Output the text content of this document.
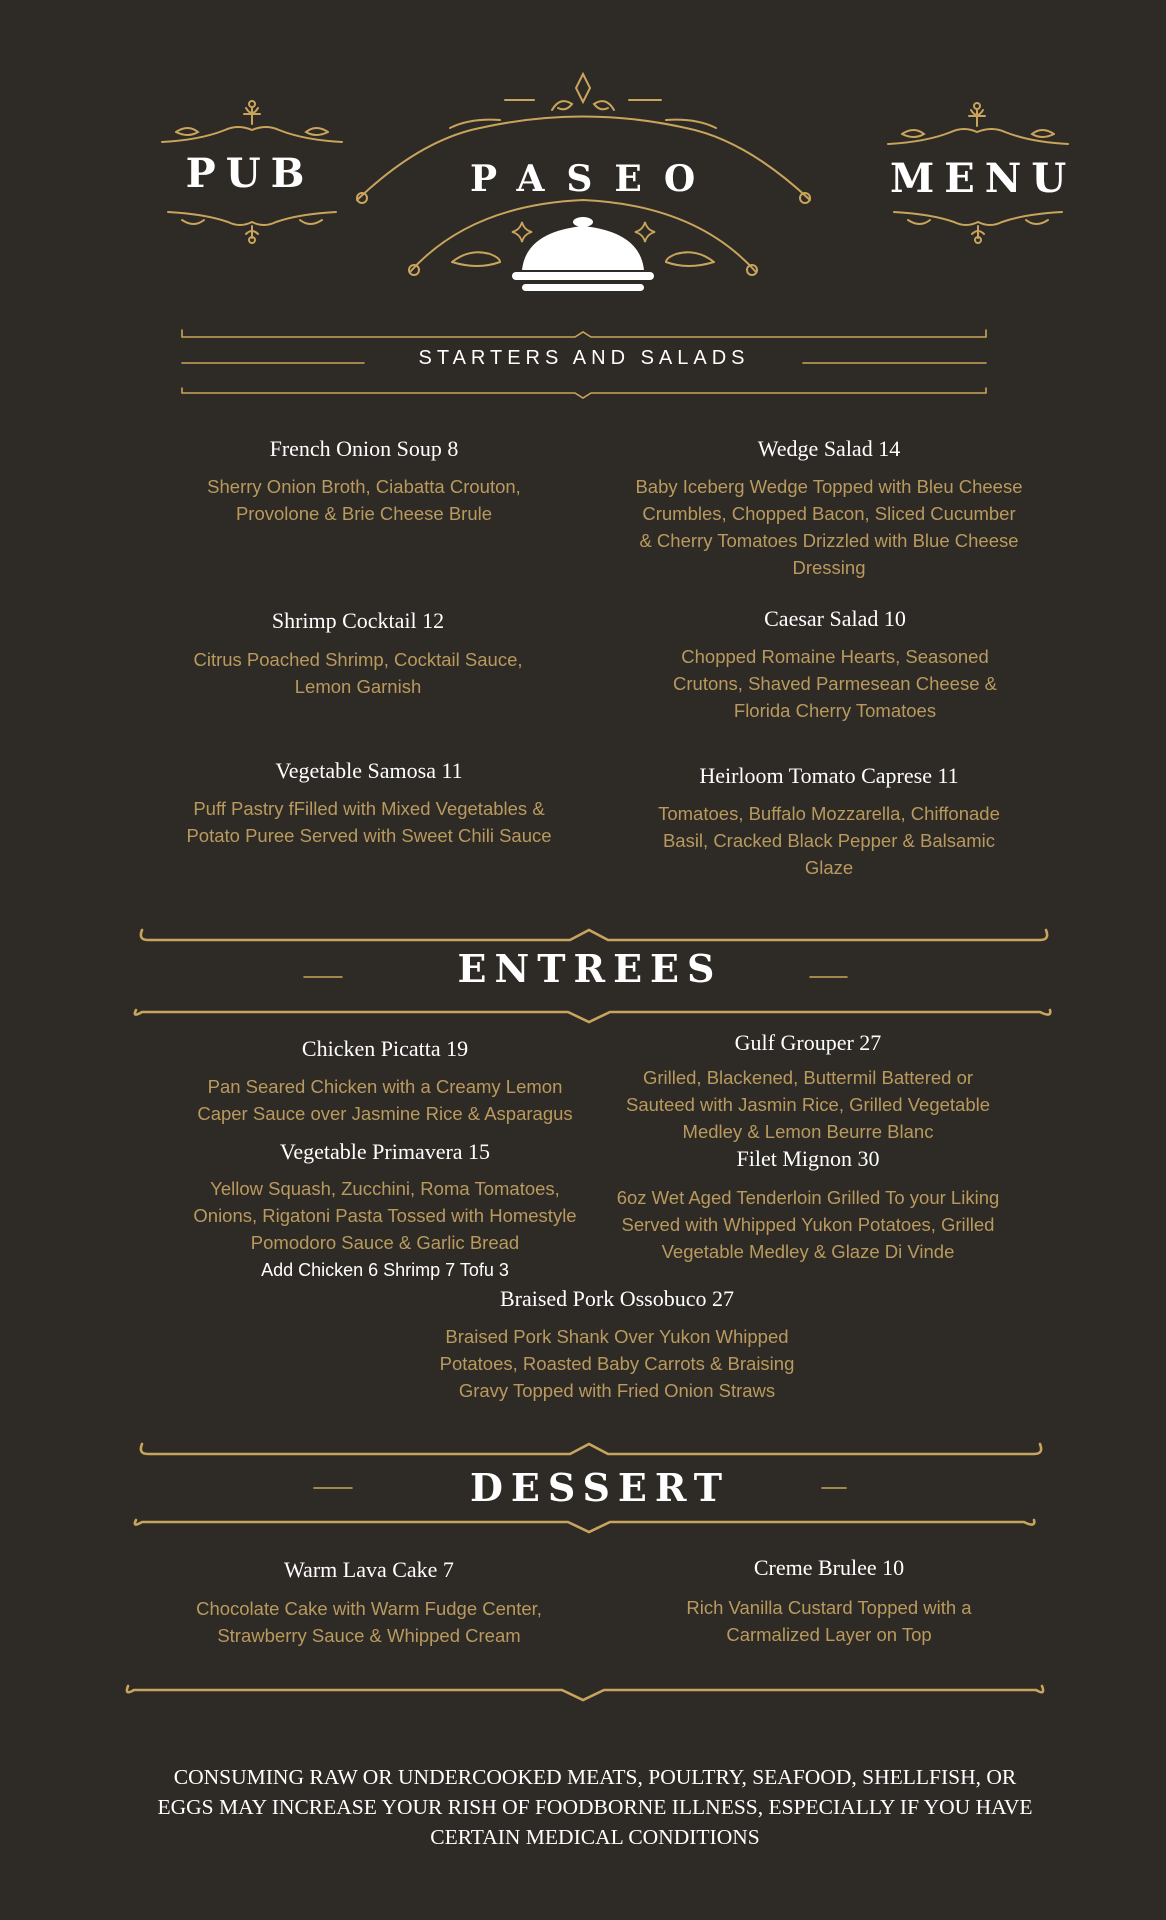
PUB	PASEO	MENU
STARTERS AND SALADS
ENTREES
DESSERT
French Onion Soup 8
Sherry Onion Broth, Ciabatta Crouton, Provolone & Brie Cheese Brule
Wedge Salad 14
Baby Iceberg Wedge Topped with Bleu Cheese Crumbles, Chopped Bacon, Sliced Cucumber & Cherry Tomatoes Drizzled with Blue Cheese Dressing
Shrimp Cocktail 12
Citrus Poached Shrimp, Cocktail Sauce, Lemon Garnish
Caesar Salad 10
Chopped Romaine Hearts, Seasoned Crutons, Shaved Parmesean Cheese & Florida Cherry Tomatoes
Vegetable Samosa 11
Puff Pastry fFilled with Mixed Vegetables & Potato Puree Served with Sweet Chili Sauce
Heirloom Tomato Caprese 11
Tomatoes, Buffalo Mozzarella, Chiffonade Basil, Cracked Black Pepper & Balsamic Glaze
Chicken Picatta 19
Pan Seared Chicken with a Creamy Lemon Caper Sauce over Jasmine Rice & Asparagus
Gulf Grouper 27
Grilled, Blackened, Buttermil Battered or Sauteed with Jasmin Rice, Grilled Vegetable Medley & Lemon Beurre Blanc
Vegetable Primavera 15
Yellow Squash, Zucchini, Roma Tomatoes, Onions, Rigatoni Pasta Tossed with Homestyle Pomodoro Sauce & Garlic Bread
Add Chicken 6 Shrimp 7 Tofu 3
Filet Mignon 30
6oz Wet Aged Tenderloin Grilled To your Liking Served with Whipped Yukon Potatoes, Grilled Vegetable Medley & Glaze Di Vinde
Braised Pork Ossobuco 27
Braised Pork Shank Over Yukon Whipped Potatoes, Roasted Baby Carrots & Braising Gravy Topped with Fried Onion Straws
Warm Lava Cake 7
Chocolate Cake with Warm Fudge Center, Strawberry Sauce & Whipped Cream
Creme Brulee 10
Rich Vanilla Custard Topped with a Carmalized Layer on Top
CONSUMING RAW OR UNDERCOOKED MEATS, POULTRY, SEAFOOD, SHELLFISH, OR EGGS MAY INCREASE YOUR RISH OF FOODBORNE ILLNESS, ESPECIALLY IF YOU HAVE CERTAIN MEDICAL CONDITIONS
